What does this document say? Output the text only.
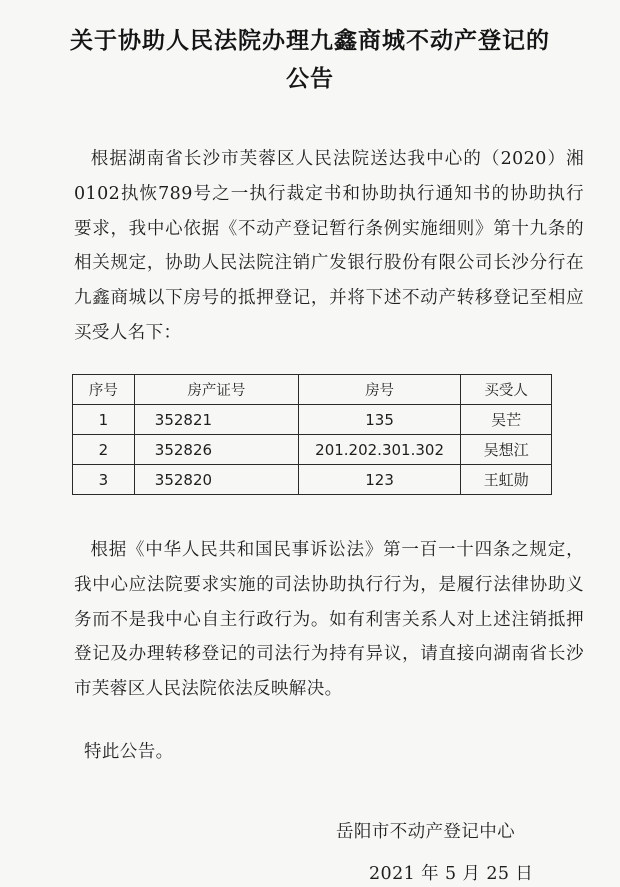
关于协助人民法院办理九鑫商城不动产登记的
公告
根据湖南省长沙市芙蓉区人民法院送达我中心的（2020）湘0102执恢789号之一执行裁定书和协助执行通知书的协助执行要求，我中心依据《不动产登记暂行条例实施细则》第十九条的相关规定，协助人民法院注销广发银行股份有限公司长沙分行在九鑫商城以下房号的抵押登记，并将下述不动产转移登记至相应买受人名下：
序号	房产证号	房号	买受人
1	352821	135	吴芒
2	352826	201.202.301.302	吴想江
3	352820	123	王虹勋
根据《中华人民共和国民事诉讼法》第一百一十四条之规定，我中心应法院要求实施的司法协助执行行为，是履行法律协助义务而不是我中心自主行政行为。如有利害关系人对上述注销抵押登记及办理转移登记的司法行为持有异议，请直接向湖南省长沙市芙蓉区人民法院依法反映解决。
特此公告。
岳阳市不动产登记中心
2021 年 5 月 25 日
